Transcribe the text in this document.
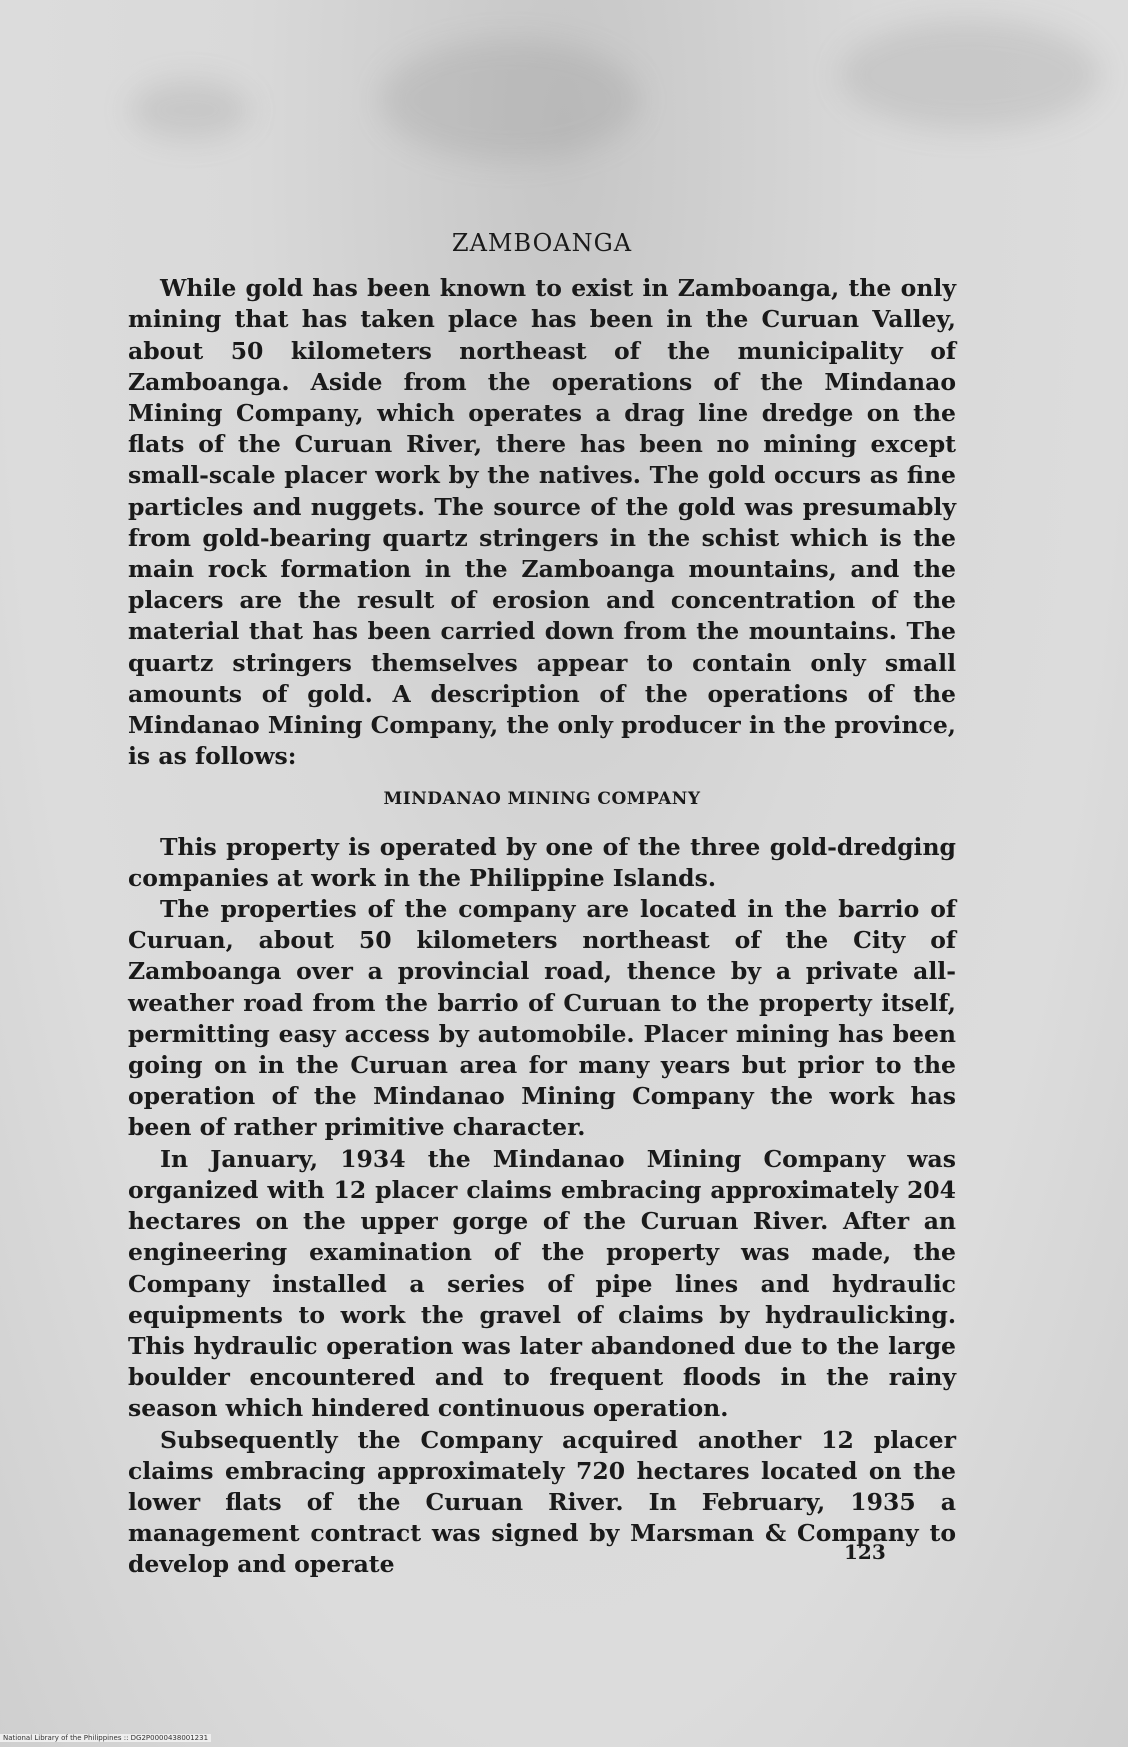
ZAMBOANGA

While gold has been known to exist in Zamboanga, the only mining that has taken place has been in the Curuan Valley, about 50 kilometers northeast of the municipality of Zamboanga. Aside from the operations of the Mindanao Mining Company, which operates a drag line dredge on the flats of the Curuan River, there has been no mining except small-scale placer work by the natives. The gold occurs as fine particles and nuggets. The source of the gold was presumably from gold-bearing quartz stringers in the schist which is the main rock formation in the Zamboanga mountains, and the placers are the result of erosion and concentration of the material that has been carried down from the mountains. The quartz stringers themselves appear to contain only small amounts of gold. A description of the operations of the Mindanao Mining Company, the only producer in the province, is as follows:

MINDANAO MINING COMPANY

This property is operated by one of the three gold-dredging companies at work in the Philippine Islands.

The properties of the company are located in the barrio of Curuan, about 50 kilometers northeast of the City of Zamboanga over a provincial road, thence by a private all-weather road from the barrio of Curuan to the property itself, permitting easy access by automobile. Placer mining has been going on in the Curuan area for many years but prior to the operation of the Mindanao Mining Company the work has been of rather primitive character.

In January, 1934 the Mindanao Mining Company was organized with 12 placer claims embracing approximately 204 hectares on the upper gorge of the Curuan River. After an engineering examination of the property was made, the Company installed a series of pipe lines and hydraulic equipments to work the gravel of claims by hydraulicking. This hydraulic operation was later abandoned due to the large boulder encountered and to frequent floods in the rainy season which hindered continuous operation.

Subsequently the Company acquired another 12 placer claims embracing approximately 720 hectares located on the lower flats of the Curuan River. In February, 1935 a management contract was signed by Marsman & Company to develop and operate	123
National Library of the Philippines :: DG2P0000438001231
